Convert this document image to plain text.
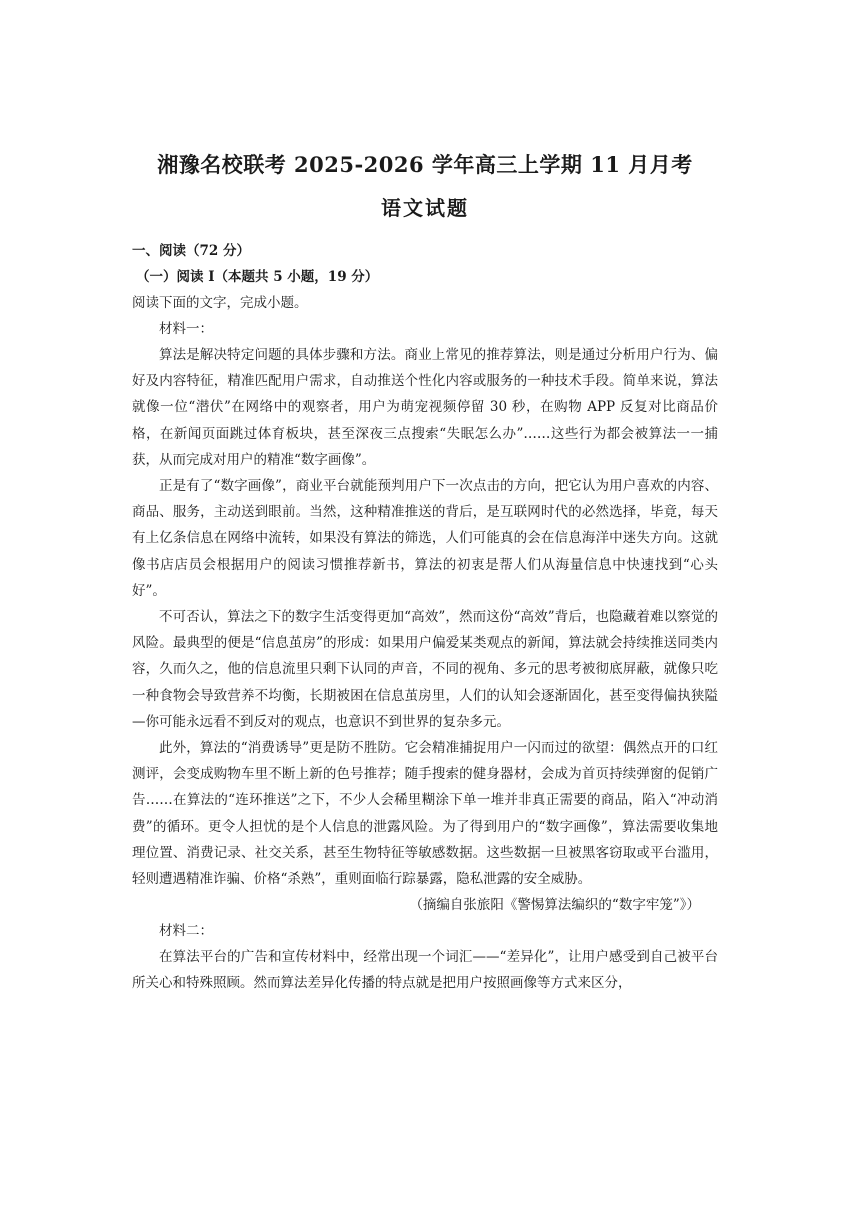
湘豫名校联考 2025-2026 学年高三上学期 11 月月考
语文试题

一、阅读（72 分）

（一）阅读 I（本题共 5 小题，19 分）

阅读下面的文字，完成小题。

材料一：

算法是解决特定问题的具体步骤和方法。商业上常见的推荐算法，则是通过分析用户行为、偏好及内容特征，精准匹配用户需求，自动推送个性化内容或服务的一种技术手段。简单来说，算法就像一位“潜伏”在网络中的观察者，用户为萌宠视频停留 30 秒，在购物 APP 反复对比商品价格，在新闻页面跳过体育板块，甚至深夜三点搜索“失眠怎么办”……这些行为都会被算法一一捕获，从而完成对用户的精准“数字画像”。

正是有了“数字画像”，商业平台就能预判用户下一次点击的方向，把它认为用户喜欢的内容、商品、服务，主动送到眼前。当然，这种精准推送的背后，是互联网时代的必然选择，毕竟，每天有上亿条信息在网络中流转，如果没有算法的筛选，人们可能真的会在信息海洋中迷失方向。这就像书店店员会根据用户的阅读习惯推荐新书，算法的初衷是帮人们从海量信息中快速找到“心头好”。

不可否认，算法之下的数字生活变得更加“高效”，然而这份“高效”背后，也隐藏着难以察觉的风险。最典型的便是“信息茧房”的形成：如果用户偏爱某类观点的新闻，算法就会持续推送同类内容，久而久之，他的信息流里只剩下认同的声音，不同的视角、多元的思考被彻底屏蔽，就像只吃一种食物会导致营养不均衡，长期被困在信息茧房里，人们的认知会逐渐固化，甚至变得偏执狭隘—你可能永远看不到反对的观点，也意识不到世界的复杂多元。

此外，算法的“消费诱导”更是防不胜防。它会精准捕捉用户一闪而过的欲望：偶然点开的口红测评，会变成购物车里不断上新的色号推荐；随手搜索的健身器材，会成为首页持续弹窗的促销广告……在算法的“连环推送”之下，不少人会稀里糊涂下单一堆并非真正需要的商品，陷入“冲动消费”的循环。更令人担忧的是个人信息的泄露风险。为了得到用户的“数字画像”，算法需要收集地理位置、消费记录、社交关系，甚至生物特征等敏感数据。这些数据一旦被黑客窃取或平台滥用，轻则遭遇精准诈骗、价格“杀熟”，重则面临行踪暴露，隐私泄露的安全威胁。

（摘编自张旅阳《警惕算法编织的“数字牢笼”》）

材料二：

在算法平台的广告和宣传材料中，经常出现一个词汇——“差异化”，让用户感受到自己被平台所关心和特殊照顾。然而算法差异化传播的特点就是把用户按照画像等方式来区分，
